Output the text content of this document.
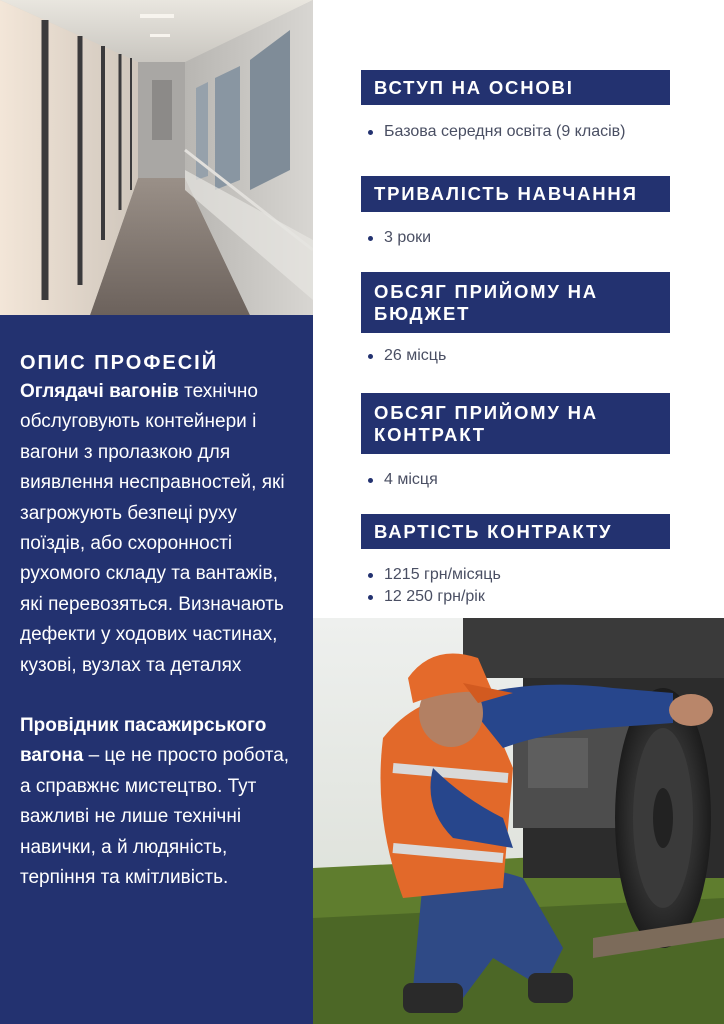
ОПИС ПРОФЕСІЙ

Оглядачі вагонів технічно обслуговують контейнери і вагони з пролазкою для виявлення несправностей, які загрожують безпеці руху поїздів, або схоронності рухомого складу та вантажів, які перевозяться. Визначають дефекти у ходових частинах, кузові, вузлах та деталях

Провідник пасажирського вагона – це не просто робота, а справжнє мистецтво. Тут важливі не лише технічні навички, а й людяність, терпіння та кмітливість.

ВСТУП НА ОСНОВІ
Базова середня освіта (9 класів)
ТРИВАЛІСТЬ НАВЧАННЯ
3 роки
ОБСЯГ ПРИЙОМУ НА
БЮДЖЕТ
26 місць
ОБСЯГ ПРИЙОМУ НА
КОНТРАКТ
4 місця
ВАРТІСТЬ КОНТРАКТУ
1215 грн/місяць
12 250 грн/рік
